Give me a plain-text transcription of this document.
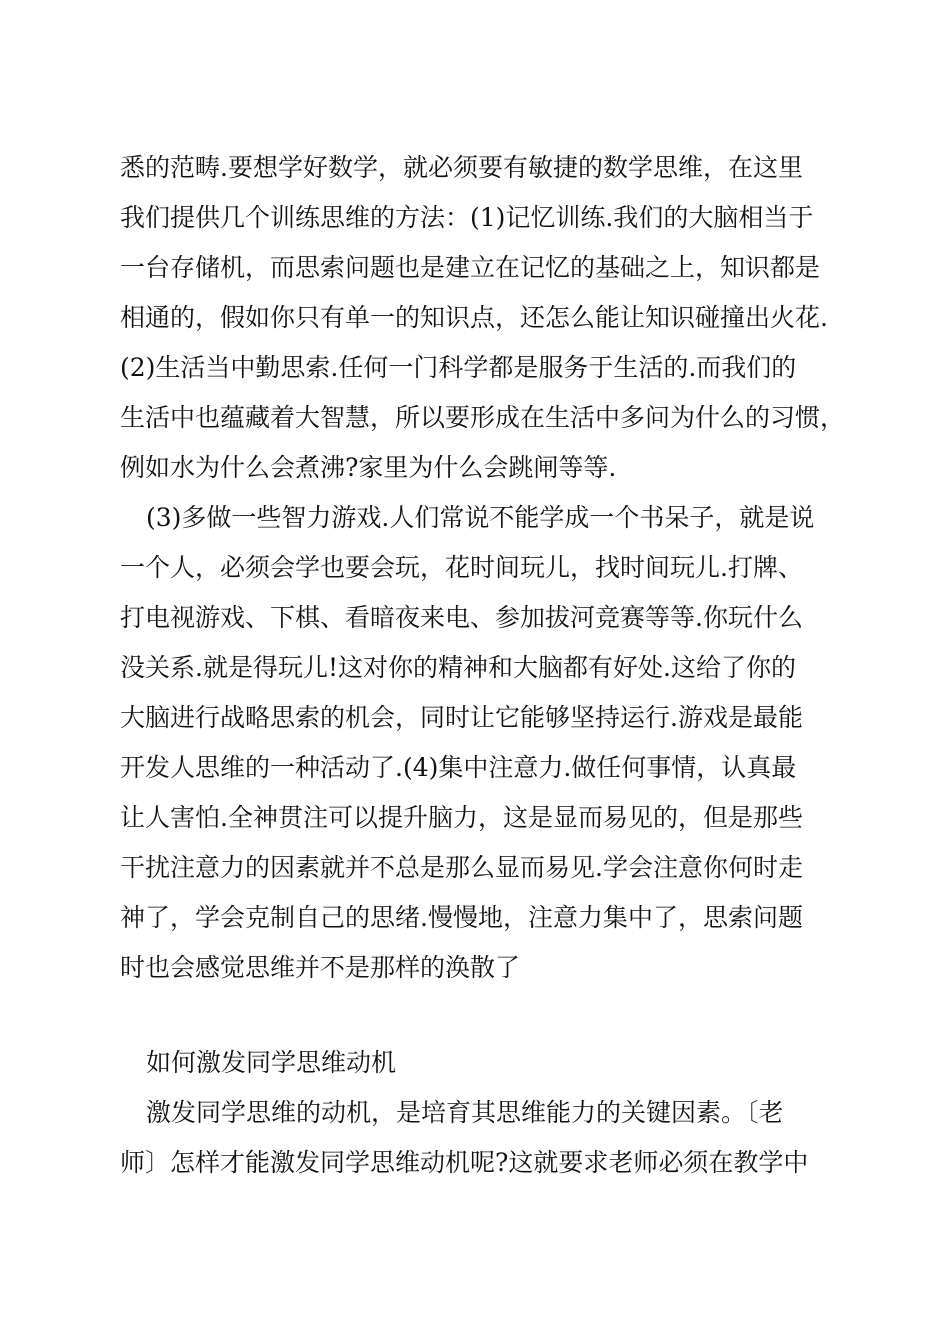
悉的范畴.要想学好数学，就必须要有敏捷的数学思维，在这里
我们提供几个训练思维的方法：(1)记忆训练.我们的大脑相当于
一台存储机，而思索问题也是建立在记忆的基础之上，知识都是
相通的，假如你只有单一的知识点，还怎么能让知识碰撞出火花.
(2)生活当中勤思索.任何一门科学都是服务于生活的.而我们的
生活中也蕴藏着大智慧，所以要形成在生活中多问为什么的习惯，
例如水为什么会煮沸?家里为什么会跳闸等等.
(3)多做一些智力游戏.人们常说不能学成一个书呆子，就是说
一个人，必须会学也要会玩，花时间玩儿，找时间玩儿.打牌、
打电视游戏、下棋、看暗夜来电、参加拔河竞赛等等.你玩什么
没关系.就是得玩儿!这对你的精神和大脑都有好处.这给了你的
大脑进行战略思索的机会，同时让它能够坚持运行.游戏是最能
开发人思维的一种活动了.(4)集中注意力.做任何事情，认真最
让人害怕.全神贯注可以提升脑力，这是显而易见的，但是那些
干扰注意力的因素就并不总是那么显而易见.学会注意你何时走
神了，学会克制自己的思绪.慢慢地，注意力集中了，思索问题
时也会感觉思维并不是那样的涣散了
如何激发同学思维动机
激发同学思维的动机，是培育其思维能力的关键因素。〔老
师〕怎样才能激发同学思维动机呢?这就要求老师必须在教学中
